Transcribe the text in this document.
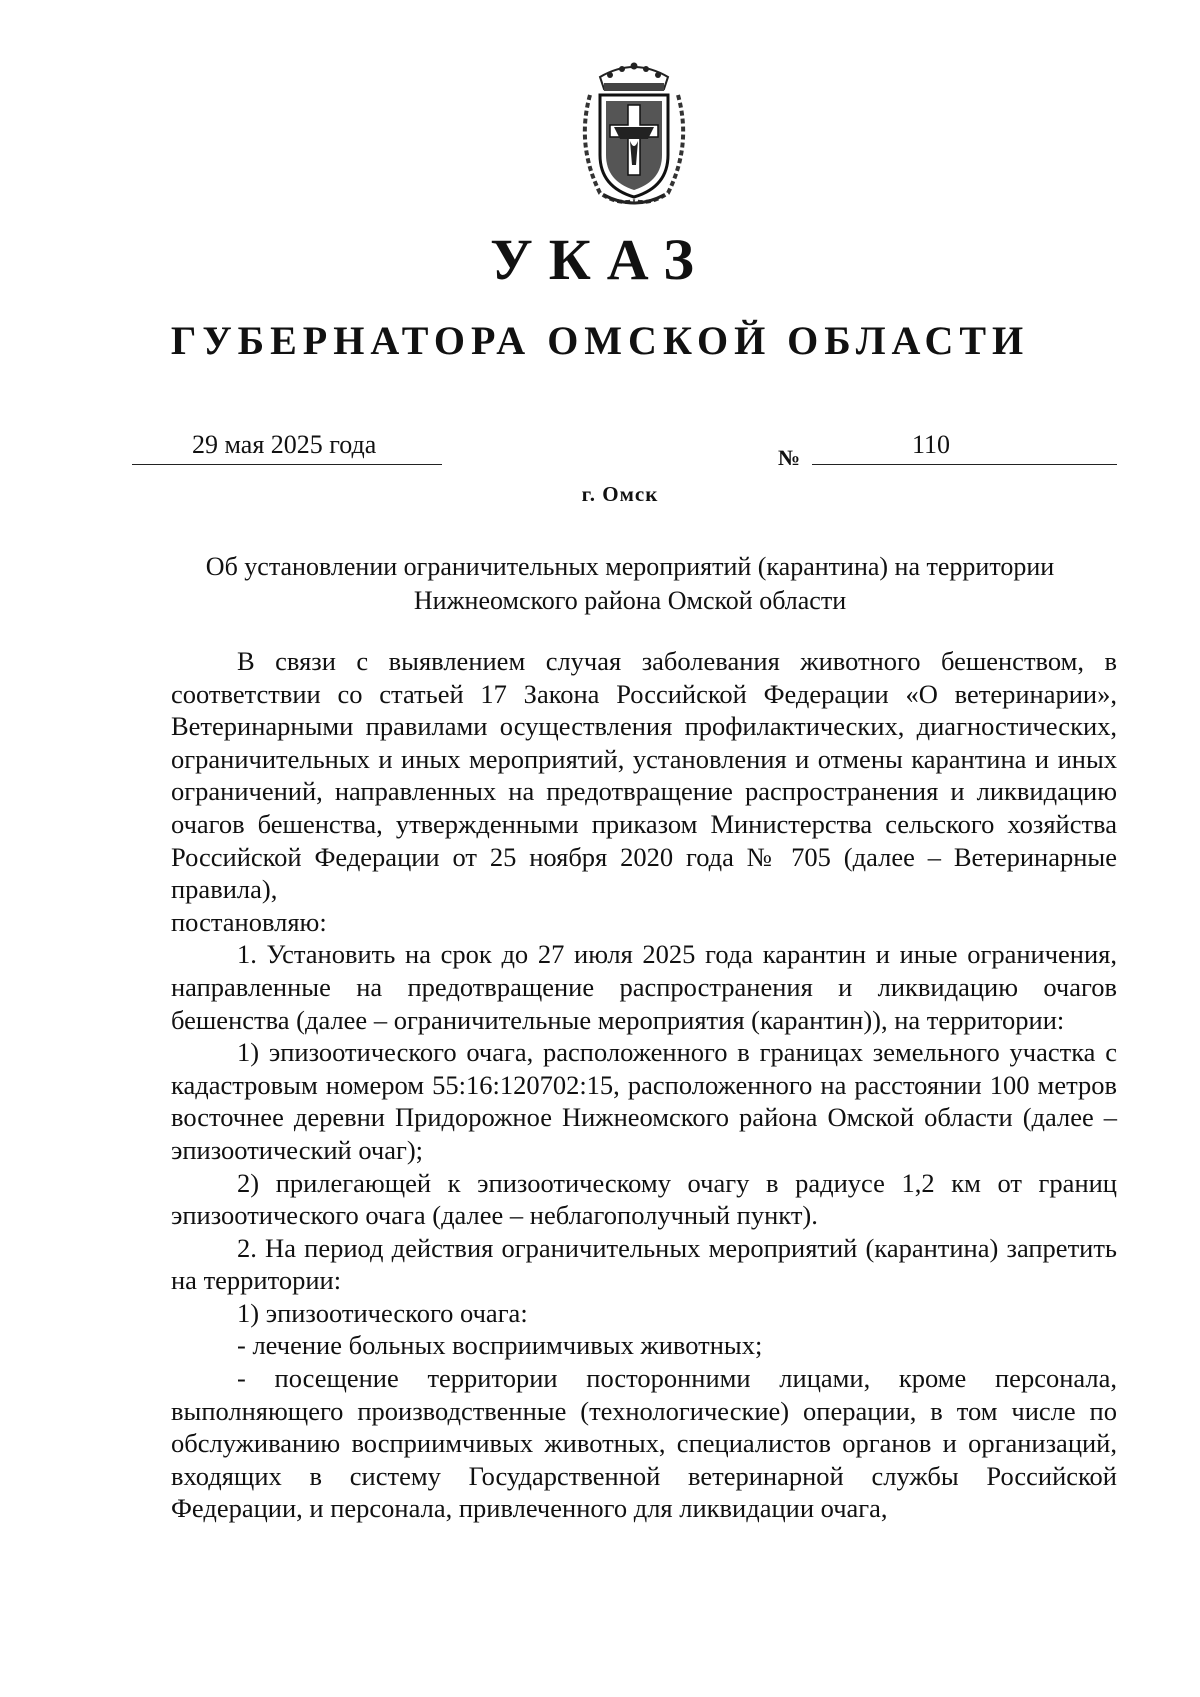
УКАЗ
ГУБЕРНАТОРА ОМСКОЙ ОБЛАСТИ
29 мая 2025 года	№	110
г. Омск
Об установлении ограничительных мероприятий (карантина) на территории
Нижнеомского района Омской области

В связи с выявлением случая заболевания животного бешенством, в соответствии со статьей 17 Закона Российской Федерации «О ветеринарии», Ветеринарными правилами осуществления профилактических, диагностических, ограничительных и иных мероприятий, установления и отмены карантина и иных ограничений, направленных на предотвращение распространения и ликвидацию очагов бешенства, утвержденными приказом Министерства сельского хозяйства Российской Федерации от 25 ноября 2020 года № 705 (далее – Ветеринарные правила),

постановляю:

1. Установить на срок до 27 июля 2025 года карантин и иные ограничения, направленные на предотвращение распространения и ликвидацию очагов бешенства (далее – ограничительные мероприятия (карантин)), на территории:

1) эпизоотического очага, расположенного в границах земельного участка с кадастровым номером 55:16:120702:15, расположенного на расстоянии 100 метров восточнее деревни Придорожное Нижнеомского района Омской области (далее – эпизоотический очаг);

2) прилегающей к эпизоотическому очагу в радиусе 1,2 км от границ эпизоотического очага (далее – неблагополучный пункт).

2. На период действия ограничительных мероприятий (карантина) запретить на территории:

1) эпизоотического очага:

- лечение больных восприимчивых животных;

- посещение территории посторонними лицами, кроме персонала, выполняющего производственные (технологические) операции, в том числе по обслуживанию восприимчивых животных, специалистов органов и организаций, входящих в систему Государственной ветеринарной службы Российской Федерации, и персонала, привлеченного для ликвидации очага,
